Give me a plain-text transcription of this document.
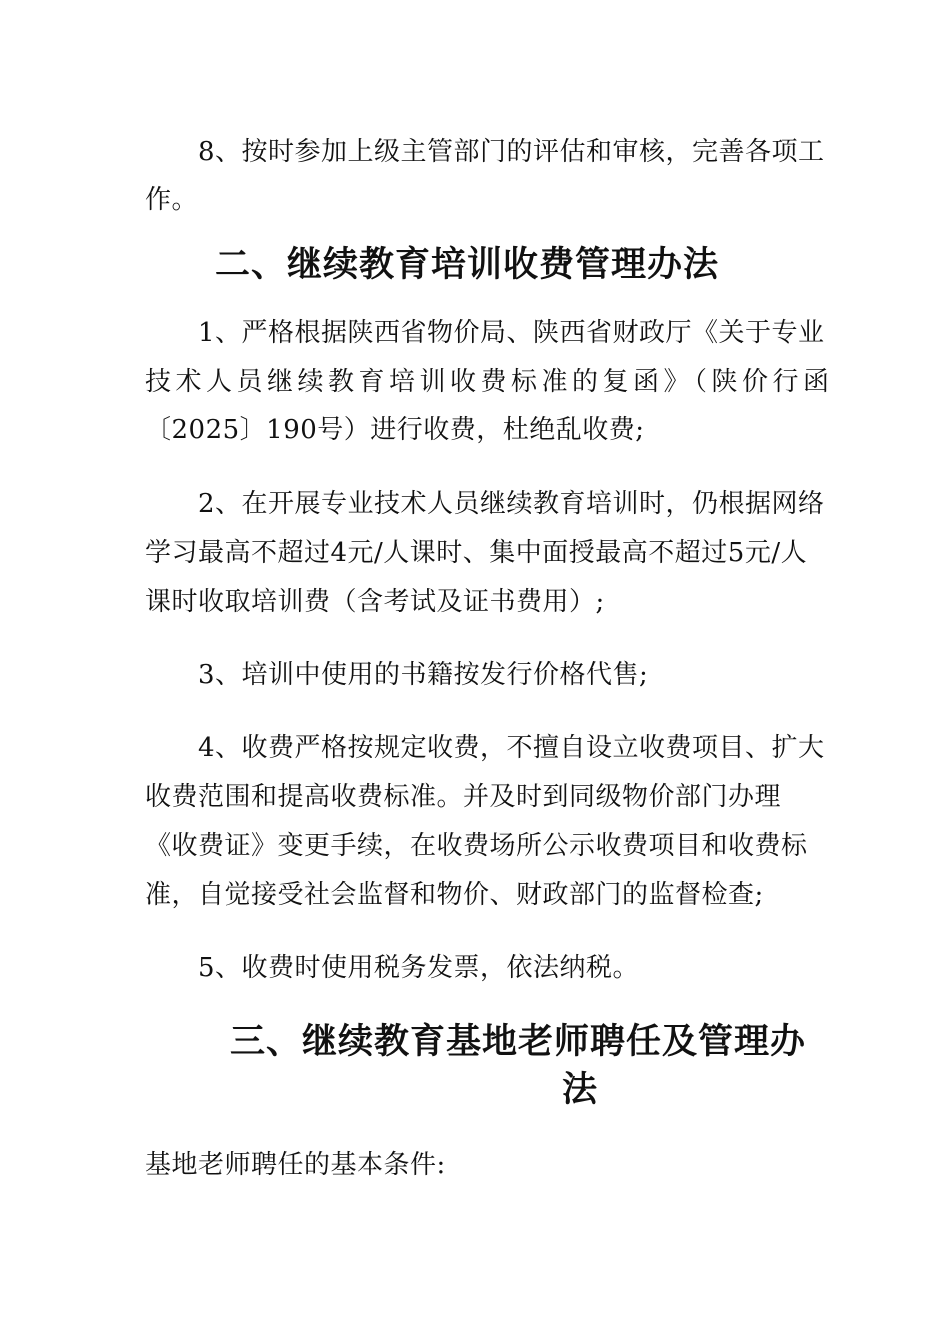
8、按时参加上级主管部门的评估和审核，完善各项工
作。
二、继续教育培训收费管理办法
1、严格根据陕西省物价局、陕西省财政厅《关于专业
技术人员继续教育培训收费标准的复函》（陕价行函
〔2025〕190号）进行收费，杜绝乱收费;
2、在开展专业技术人员继续教育培训时，仍根据网络
学习最高不超过4元/人课时、集中面授最高不超过5元/人
课时收取培训费（含考试及证书费用）;
3、培训中使用的书籍按发行价格代售;
4、收费严格按规定收费，不擅自设立收费项目、扩大
收费范围和提高收费标准。并及时到同级物价部门办理
《收费证》变更手续，在收费场所公示收费项目和收费标
准，自觉接受社会监督和物价、财政部门的监督检查;
5、收费时使用税务发票，依法纳税。
三、继续教育基地老师聘任及管理办
法
基地老师聘任的基本条件:
